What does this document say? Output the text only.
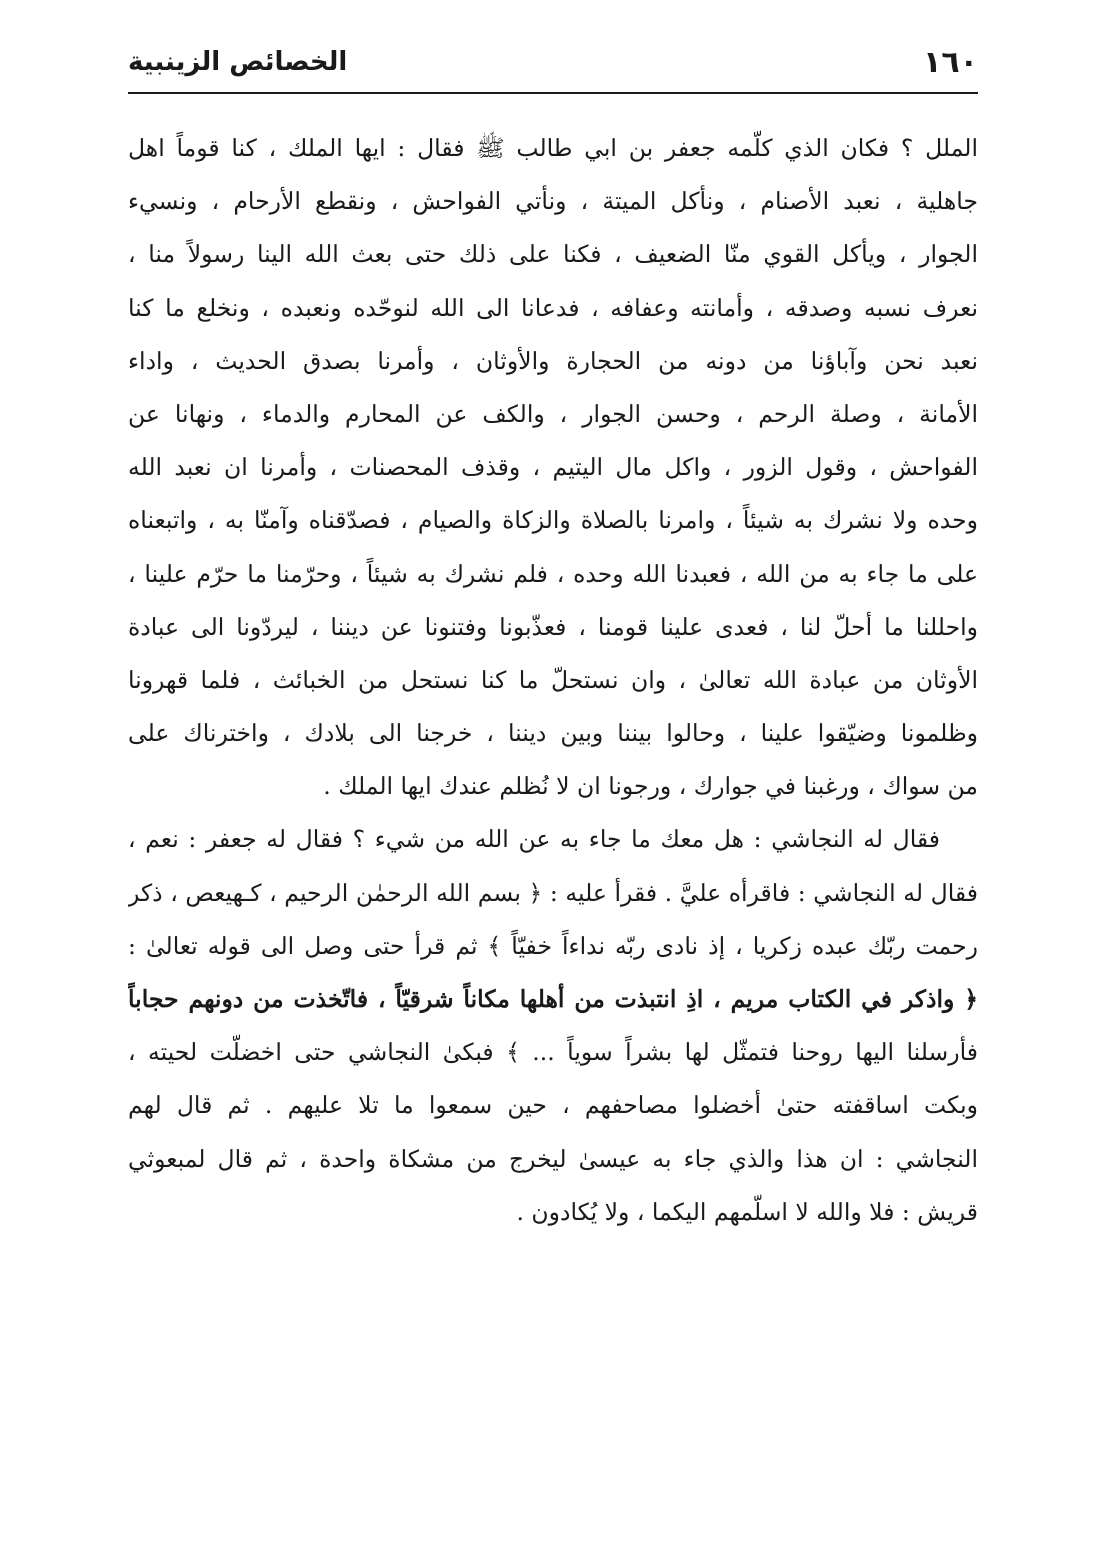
١٦٠
الخصائص الزينبية
الملل ؟ فكان الذي كلّمه جعفر بن ابي طالب ﷺ فقال : ايها الملك ، كنا قوماً اهل
جاهلية ، نعبد الأصنام ، ونأكل الميتة ، ونأتي الفواحش ، ونقطع الأرحام ، ونسيء
الجوار ، ويأكل القوي منّا الضعيف ، فكنا على ذلك حتى بعث الله الينا رسولاً منا ،
نعرف نسبه وصدقه ، وأمانته وعفافه ، فدعانا الى الله لنوحّده ونعبده ، ونخلع ما كنا
نعبد نحن وآباؤنا من دونه من الحجارة والأوثان ، وأمرنا بصدق الحديث ، واداء
الأمانة ، وصلة الرحم ، وحسن الجوار ، والكف عن المحارم والدماء ، ونهانا عن
الفواحش ، وقول الزور ، واكل مال اليتيم ، وقذف المحصنات ، وأمرنا ان نعبد الله
وحده ولا نشرك به شيئاً ، وامرنا بالصلاة والزكاة والصيام ، فصدّقناه وآمنّا به ، واتبعناه
على ما جاء به من الله ، فعبدنا الله وحده ، فلم نشرك به شيئاً ، وحرّمنا ما حرّم علينا ،
واحللنا ما أحلّ لنا ، فعدى علينا قومنا ، فعذّبونا وفتنونا عن ديننا ، ليردّونا الى عبادة
الأوثان من عبادة الله تعالىٰ ، وان نستحلّ ما كنا نستحل من الخبائث ، فلما قهرونا
وظلمونا وضيّقوا علينا ، وحالوا بيننا وبين ديننا ، خرجنا الى بلادك ، واخترناك على
من سواك ، ورغبنا في جوارك ، ورجونا ان لا نُظلم عندك ايها الملك .
فقال له النجاشي : هل معك ما جاء به عن الله من شيء ؟ فقال له جعفر : نعم ،
فقال له النجاشي : فاقرأه عليَّ . فقرأ عليه : ﴿ بسم الله الرحمٰن الرحيم ، كـهيعص ، ذكر
رحمت ربّك عبده زكريا ، إذ نادى ربّه نداءاً خفيّاً ﴾ ثم قرأ حتى وصل الى قوله تعالىٰ :
﴿ واذكر في الكتاب مريم ، اذِ انتبذت من أهلها مكاناً شرقيّاً ، فاتّخذت من دونهم حجاباً
فأرسلنا اليها روحنا فتمثّل لها بشراً سوياً ... ﴾ فبكىٰ النجاشي حتى اخضلّت لحيته ،
وبكت اساقفته حتىٰ أخضلوا مصاحفهم ، حين سمعوا ما تلا عليهم . ثم قال لهم
النجاشي : ان هذا والذي جاء به عيسىٰ ليخرج من مشكاة واحدة ، ثم قال لمبعوثي
قريش : فلا والله لا اسلّمهم اليكما ، ولا يُكادون .
